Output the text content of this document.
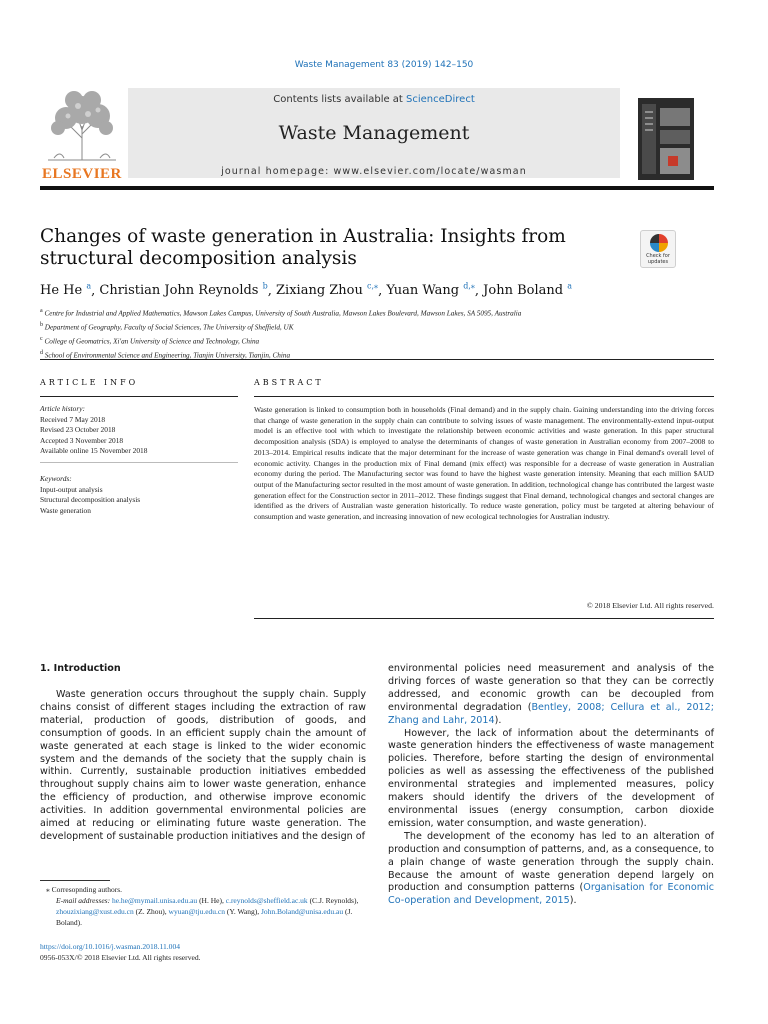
Waste Management 83 (2019) 142–150
ELSEVIER
Contents lists available at ScienceDirect
Waste Management
journal homepage: www.elsevier.com/locate/wasman
Changes of waste generation in Australia: Insights from structural decomposition analysis	Check for
updates
He He $^a$, Christian John Reynolds $^b$, Zixiang Zhou $^{c,⁎}$, Yuan Wang $^{d,⁎}$, John Boland $^a$
$^a$ Centre for Industrial and Applied Mathematics, Mawson Lakes Campus, University of South Australia, Mawson Lakes Boulevard, Mawson Lakes, SA 5095, Australia
$^b$ Department of Geography, Faculty of Social Sciences, The University of Sheffield, UK
$^c$ College of Geomatrics, Xi'an University of Science and Technology, China
$^d$ School of Environmental Science and Engineering, Tianjin University, Tianjin, China
ARTICLE INFO	ABSTRACT
Article history:
Received 7 May 2018
Revised 23 October 2018
Accepted 3 November 2018
Available online 15 November 2018
Keywords:
Input-output analysis
Structural decomposition analysis
Waste generation
Waste generation is linked to consumption both in households (Final demand) and in the supply chain. Gaining understanding into the driving forces that change of waste generation in the supply chain can contribute to solving issues of waste management. The environmentally-extend input-output model is an effective tool with which to investigate the relationship between economic activities and waste generation. In this paper structural decomposition analysis (SDA) is employed to analyse the determinants of changes of waste generation in Australian economy from 2007–2008 to 2013–2014. Empirical results indicate that the major determinant for the increase of waste generation was change in Final demand's overall level of economic activity. Changes in the production mix of Final demand (mix effect) was responsible for a decrease of waste generation in Australian economy during the period. The Manufacturing sector was found to have the highest waste generation intensity. Meaning that each million $AUD output of the Manufacturing sector resulted in the most amount of waste generation. In addition, technological change has contributed the largest waste generation effect for the Construction sector in 2011–2012. These findings suggest that Final demand, technological changes and sectoral changes are identified as the drivers of Australian waste generation historically. To reduce waste generation, policy must be targeted at altering behaviour of consumption and waste generation, and increasing innovation of new ecological technologies for Australian industry.
© 2018 Elsevier Ltd. All rights reserved.
1. Introduction

Waste generation occurs throughout the supply chain. Supply chains consist of different stages including the extraction of raw material, production of goods, distribution of goods, and consumption of goods. In an efficient supply chain the amount of waste generated at each stage is linked to the wider economic system and the demands of the society that the supply chain is within. Currently, sustainable production initiatives embedded throughout supply chains aim to lower waste generation, enhance the efficiency of production, and otherwise improve economic activities. In addition governmental environmental policies are aimed at reducing or eliminating future waste generation. The development of sustainable production initiatives and the design of

environmental policies need measurement and analysis of the driving forces of waste generation so that they can be correctly addressed, and economic growth can be decoupled from environmental degradation (Bentley, 2008; Cellura et al., 2012; Zhang and Lahr, 2014).

However, the lack of information about the determinants of waste generation hinders the effectiveness of waste management policies. Therefore, before starting the design of environmental policies as well as assessing the effectiveness of the published environmental strategies and implemented measures, policy makers should identify the drivers of the development of environmental issues (energy consumption, carbon dioxide emission, water consumption, and waste generation).

The development of the economy has led to an alteration of production and consumption of patterns, and, as a consequence, to a plain change of waste generation through the supply chain. Because the amount of waste generation depend largely on production and consumption patterns (Organisation for Economic Co-operation and Development, 2015).

⁎ Corresopnding authors.
E-mail addresses: he.he@mymail.unisa.edu.au (H. He), c.reynolds@sheffield.ac.uk (C.J. Reynolds), zhouzixiang@xust.edu.cn (Z. Zhou), wyuan@tju.edu.cn (Y. Wang), John.Boland@unisa.edu.au (J. Boland).
https://doi.org/10.1016/j.wasman.2018.11.004
0956-053X/© 2018 Elsevier Ltd. All rights reserved.
